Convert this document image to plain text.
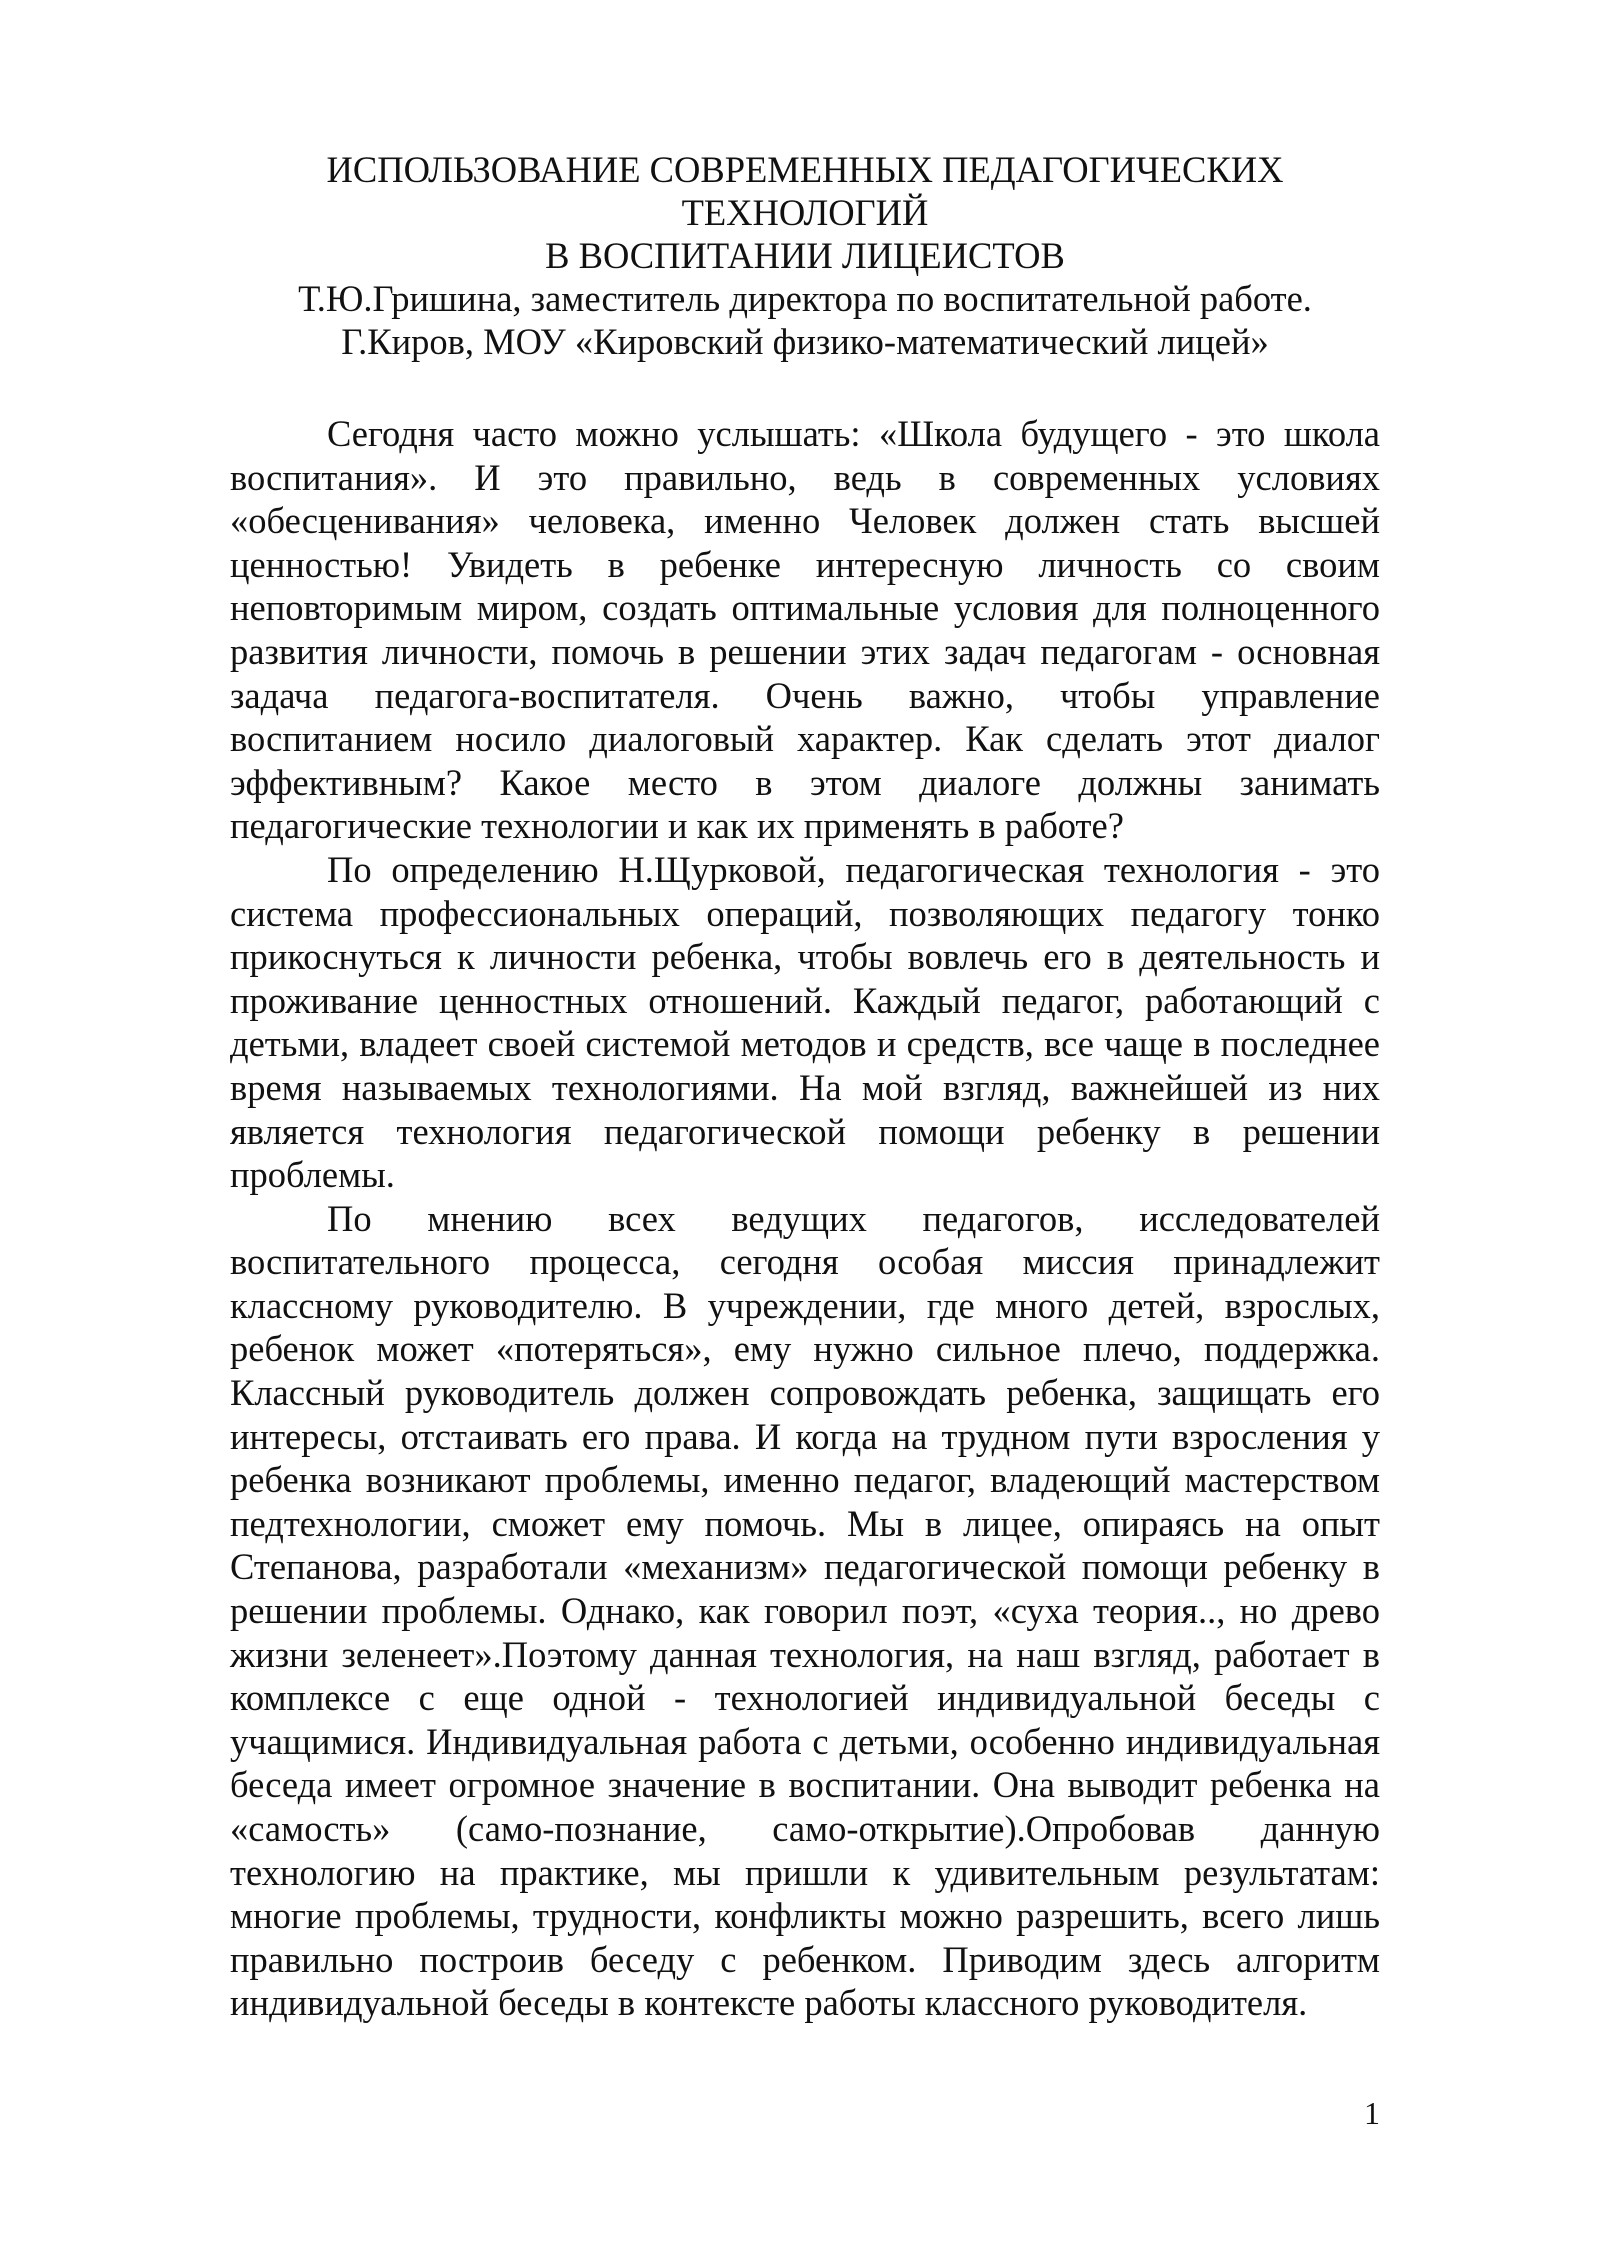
ИСПОЛЬЗОВАНИЕ СОВРЕМЕННЫХ ПЕДАГОГИЧЕСКИХ
ТЕХНОЛОГИЙ
В ВОСПИТАНИИ ЛИЦЕИСТОВ
Т.Ю.Гришина, заместитель директора по воспитательной работе.
Г.Киров, МОУ «Кировский физико-математический лицей»

Сегодня часто можно услышать: «Школа будущего - это школа воспитания». И это правильно, ведь в современных условиях «обесценивания» человека, именно Человек должен стать высшей ценностью! Увидеть в ребенке интересную личность со своим неповторимым миром, создать оптимальные условия для полноценного развития личности, помочь в решении этих задач педагогам - основная задача педагога-воспитателя. Очень важно, чтобы управление воспитанием носило диалоговый характер. Как сделать этот диалог эффективным? Какое место в этом диалоге должны занимать педагогические технологии и как их применять в работе?

По определению Н.Щурковой, педагогическая технология - это система профессиональных операций, позволяющих педагогу тонко прикоснуться к личности ребенка, чтобы вовлечь его в деятельность и проживание ценностных отношений. Каждый педагог, работающий с детьми, владеет своей системой методов и средств, все чаще в последнее время называемых технологиями. На мой взгляд, важнейшей из них является технология педагогической помощи ребенку в решении проблемы.

По мнению всех ведущих педагогов, исследователей воспитательного процесса, сегодня особая миссия принадлежит классному руководителю. В учреждении, где много детей, взрослых, ребенок может «потеряться», ему нужно сильное плечо, поддержка. Классный руководитель должен сопровождать ребенка, защищать его интересы, отстаивать его права. И когда на трудном пути взросления у ребенка возникают проблемы, именно педагог, владеющий мастерством педтехнологии, сможет ему помочь. Мы в лицее, опираясь на опыт Степанова, разработали «механизм» педагогической помощи ребенку в решении проблемы. Однако, как говорил поэт, «суха теория.., но древо жизни зеленеет».Поэтому данная технология, на наш взгляд, работает в комплексе с еще одной - технологией индивидуальной беседы с учащимися. Индивидуальная работа с детьми, особенно индивидуальная беседа имеет огромное значение в воспитании. Она выводит ребенка на «самость» (само-познание, само-открытие).Опробовав данную технологию на практике, мы пришли к удивительным результатам: многие проблемы, трудности, конфликты можно разрешить, всего лишь правильно построив беседу с ребенком. Приводим здесь алгоритм индивидуальной беседы в контексте работы классного руководителя.

1
